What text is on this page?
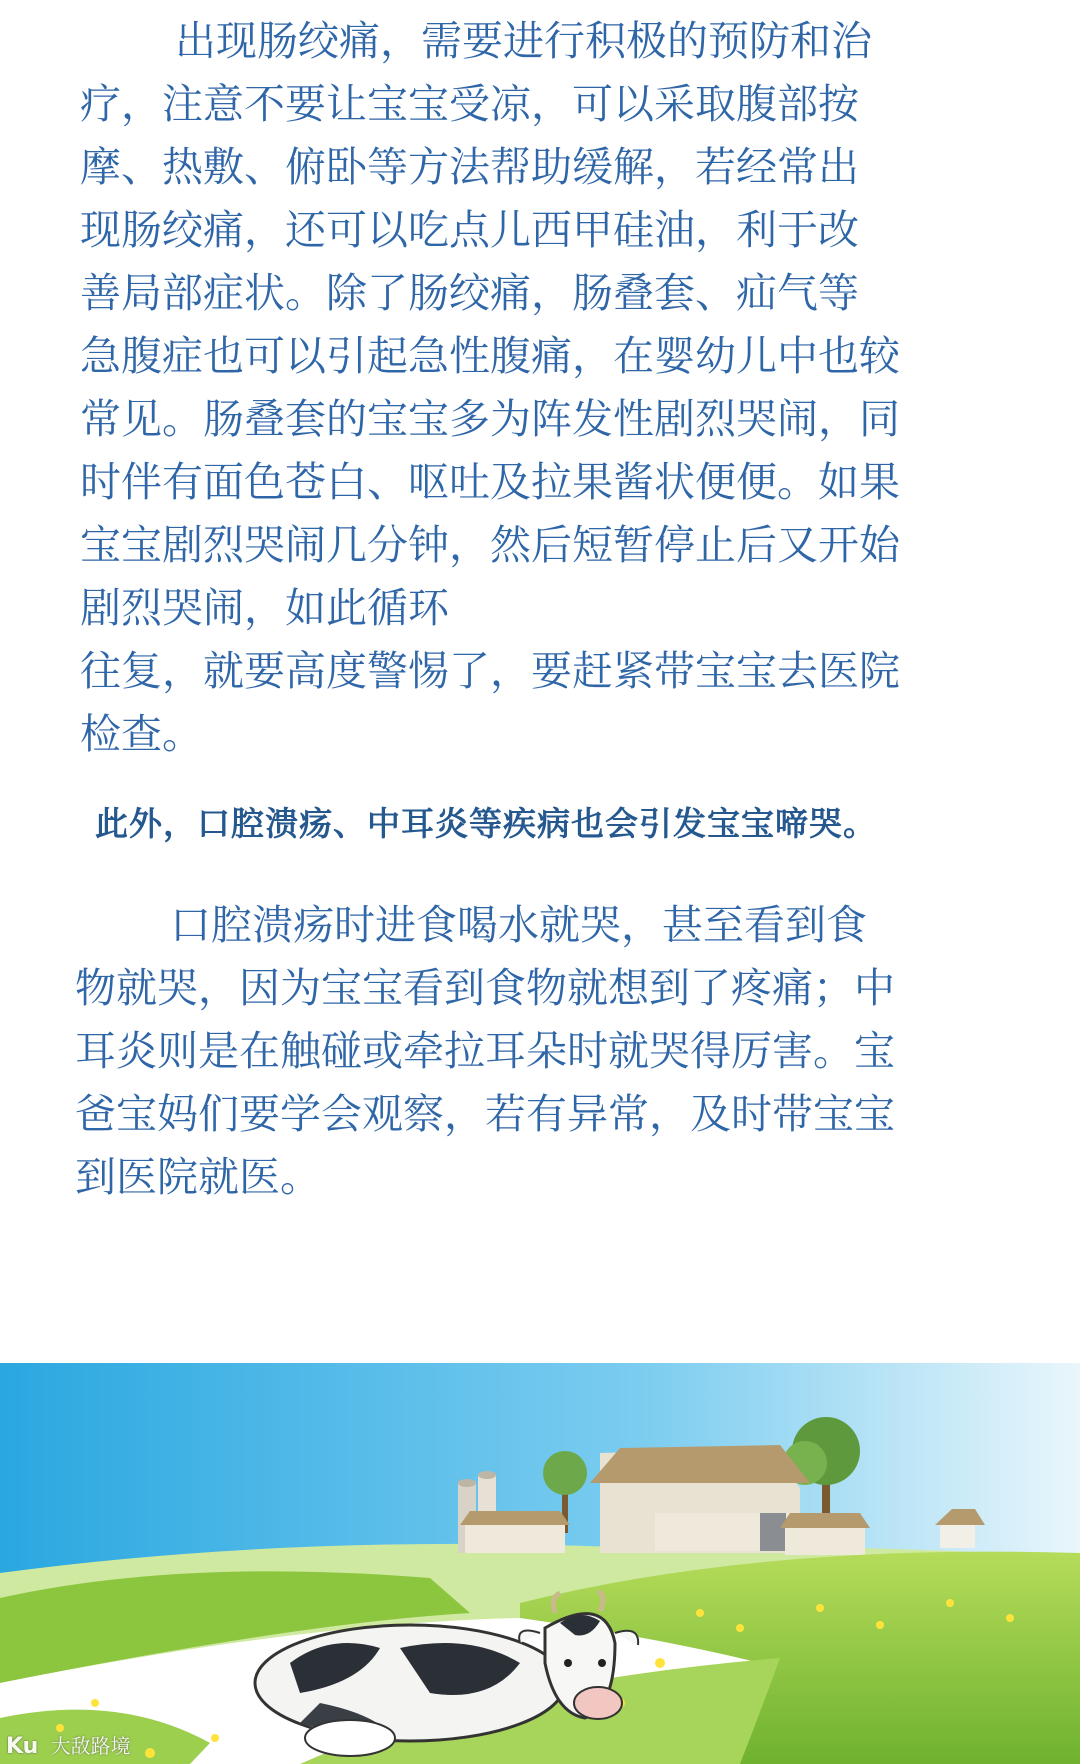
出现肠绞痛，需要进行积极的预防和治
疗，注意不要让宝宝受凉，可以采取腹部按
摩、热敷、俯卧等方法帮助缓解，若经常出
现肠绞痛，还可以吃点儿西甲硅油，利于改
善局部症状。除了肠绞痛，肠叠套、疝气等
急腹症也可以引起急性腹痛，在婴幼儿中也较
常见。肠叠套的宝宝多为阵发性剧烈哭闹，同
时伴有面色苍白、呕吐及拉果酱状便便。如果
宝宝剧烈哭闹几分钟，然后短暂停止后又开始
剧烈哭闹，如此循环
往复，就要高度警惕了，要赶紧带宝宝去医院
检查。

此外，口腔溃疡、中耳炎等疾病也会引发宝宝啼哭。

口腔溃疡时进食喝水就哭，甚至看到食
物就哭，因为宝宝看到食物就想到了疼痛；中
耳炎则是在触碰或牵拉耳朵时就哭得厉害。宝
爸宝妈们要学会观察，若有异常，及时带宝宝
到医院就医。
Ku 大敌路境
